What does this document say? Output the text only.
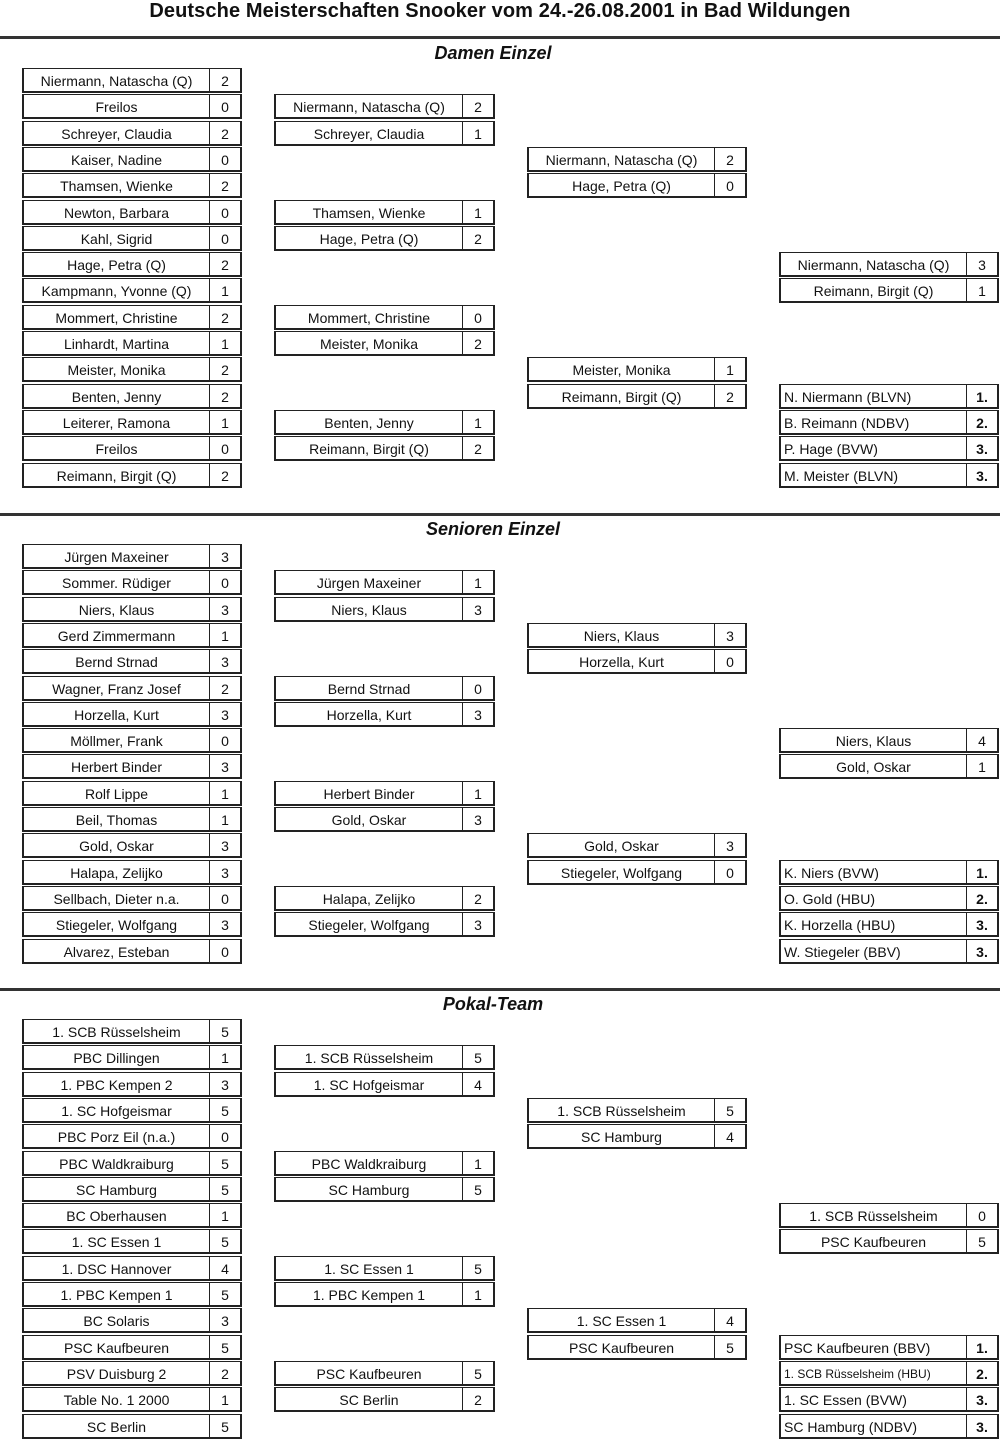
Deutsche Meisterschaften Snooker vom 24.-26.08.2001 in Bad Wildungen
Damen Einzel
Niermann, Natascha (Q)	2
Freilos	0
Schreyer, Claudia	2
Kaiser, Nadine	0
Thamsen, Wienke	2
Newton, Barbara	0
Kahl, Sigrid	0
Hage, Petra (Q)	2
Kampmann, Yvonne (Q)	1
Mommert, Christine	2
Linhardt, Martina	1
Meister, Monika	2
Benten, Jenny	2
Leiterer, Ramona	1
Freilos	0
Reimann, Birgit (Q)	2
Niermann, Natascha (Q)	2
Schreyer, Claudia	1
Thamsen, Wienke	1
Hage, Petra (Q)	2
Mommert, Christine	0
Meister, Monika	2
Benten, Jenny	1
Reimann, Birgit (Q)	2
Niermann, Natascha (Q)	2
Hage, Petra (Q)	0
Meister, Monika	1
Reimann, Birgit (Q)	2
Niermann, Natascha (Q)	3
Reimann, Birgit (Q)	1
N. Niermann (BLVN)	1.
B. Reimann (NDBV)	2.
P. Hage (BVW)	3.
M. Meister (BLVN)	3.
Senioren Einzel
Jürgen Maxeiner	3
Sommer. Rüdiger	0
Niers, Klaus	3
Gerd Zimmermann	1
Bernd Strnad	3
Wagner, Franz Josef	2
Horzella, Kurt	3
Möllmer, Frank	0
Herbert Binder	3
Rolf Lippe	1
Beil, Thomas	1
Gold, Oskar	3
Halapa, Zelijko	3
Sellbach, Dieter n.a.	0
Stiegeler, Wolfgang	3
Alvarez, Esteban	0
Jürgen Maxeiner	1
Niers, Klaus	3
Bernd Strnad	0
Horzella, Kurt	3
Herbert Binder	1
Gold, Oskar	3
Halapa, Zelijko	2
Stiegeler, Wolfgang	3
Niers, Klaus	3
Horzella, Kurt	0
Gold, Oskar	3
Stiegeler, Wolfgang	0
Niers, Klaus	4
Gold, Oskar	1
K. Niers (BVW)	1.
O. Gold (HBU)	2.
K. Horzella (HBU)	3.
W. Stiegeler (BBV)	3.
Pokal-Team
1. SCB Rüsselsheim	5
PBC Dillingen	1
1. PBC Kempen 2	3
1. SC Hofgeismar	5
PBC Porz Eil (n.a.)	0
PBC Waldkraiburg	5
SC Hamburg	5
BC Oberhausen	1
1. SC Essen 1	5
1. DSC Hannover	4
1. PBC Kempen 1	5
BC Solaris	3
PSC Kaufbeuren	5
PSV Duisburg 2	2
Table No. 1 2000	1
SC Berlin	5
1. SCB Rüsselsheim	5
1. SC Hofgeismar	4
PBC Waldkraiburg	1
SC Hamburg	5
1. SC Essen 1	5
1. PBC Kempen 1	1
PSC Kaufbeuren	5
SC Berlin	2
1. SCB Rüsselsheim	5
SC Hamburg	4
1. SC Essen 1	4
PSC Kaufbeuren	5
1. SCB Rüsselsheim	0
PSC Kaufbeuren	5
PSC Kaufbeuren (BBV)	1.
1. SCB Rüsselsheim (HBU)	2.
1. SC Essen (BVW)	3.
SC Hamburg (NDBV)	3.
